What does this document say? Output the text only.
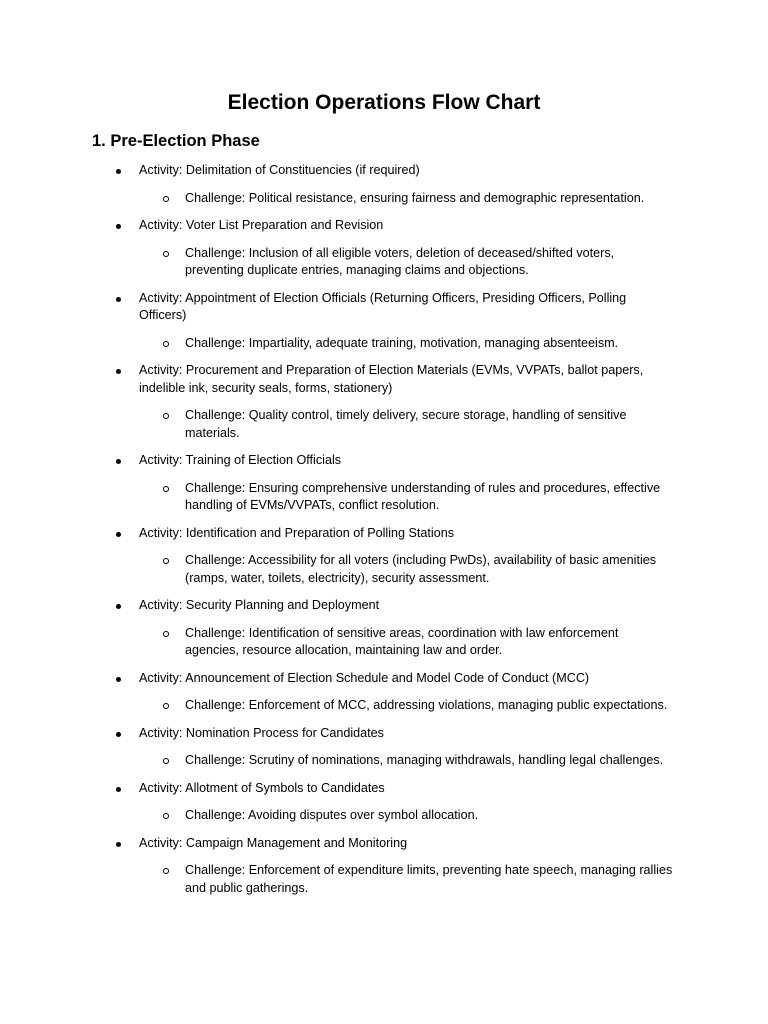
Election Operations Flow Chart
1. Pre-Election Phase
Activity: Delimitation of Constituencies (if required)
Challenge: Political resistance, ensuring fairness and demographic representation.
Activity: Voter List Preparation and Revision
Challenge: Inclusion of all eligible voters, deletion of deceased/shifted voters, preventing duplicate entries, managing claims and objections.
Activity: Appointment of Election Officials (Returning Officers, Presiding Officers, Polling Officers)
Challenge: Impartiality, adequate training, motivation, managing absenteeism.
Activity: Procurement and Preparation of Election Materials (EVMs, VVPATs, ballot papers, indelible ink, security seals, forms, stationery)
Challenge: Quality control, timely delivery, secure storage, handling of sensitive materials.
Activity: Training of Election Officials
Challenge: Ensuring comprehensive understanding of rules and procedures, effective handling of EVMs/VVPATs, conflict resolution.
Activity: Identification and Preparation of Polling Stations
Challenge: Accessibility for all voters (including PwDs), availability of basic amenities (ramps, water, toilets, electricity), security assessment.
Activity: Security Planning and Deployment
Challenge: Identification of sensitive areas, coordination with law enforcement agencies, resource allocation, maintaining law and order.
Activity: Announcement of Election Schedule and Model Code of Conduct (MCC)
Challenge: Enforcement of MCC, addressing violations, managing public expectations.
Activity: Nomination Process for Candidates
Challenge: Scrutiny of nominations, managing withdrawals, handling legal challenges.
Activity: Allotment of Symbols to Candidates
Challenge: Avoiding disputes over symbol allocation.
Activity: Campaign Management and Monitoring
Challenge: Enforcement of expenditure limits, preventing hate speech, managing rallies and public gatherings.
